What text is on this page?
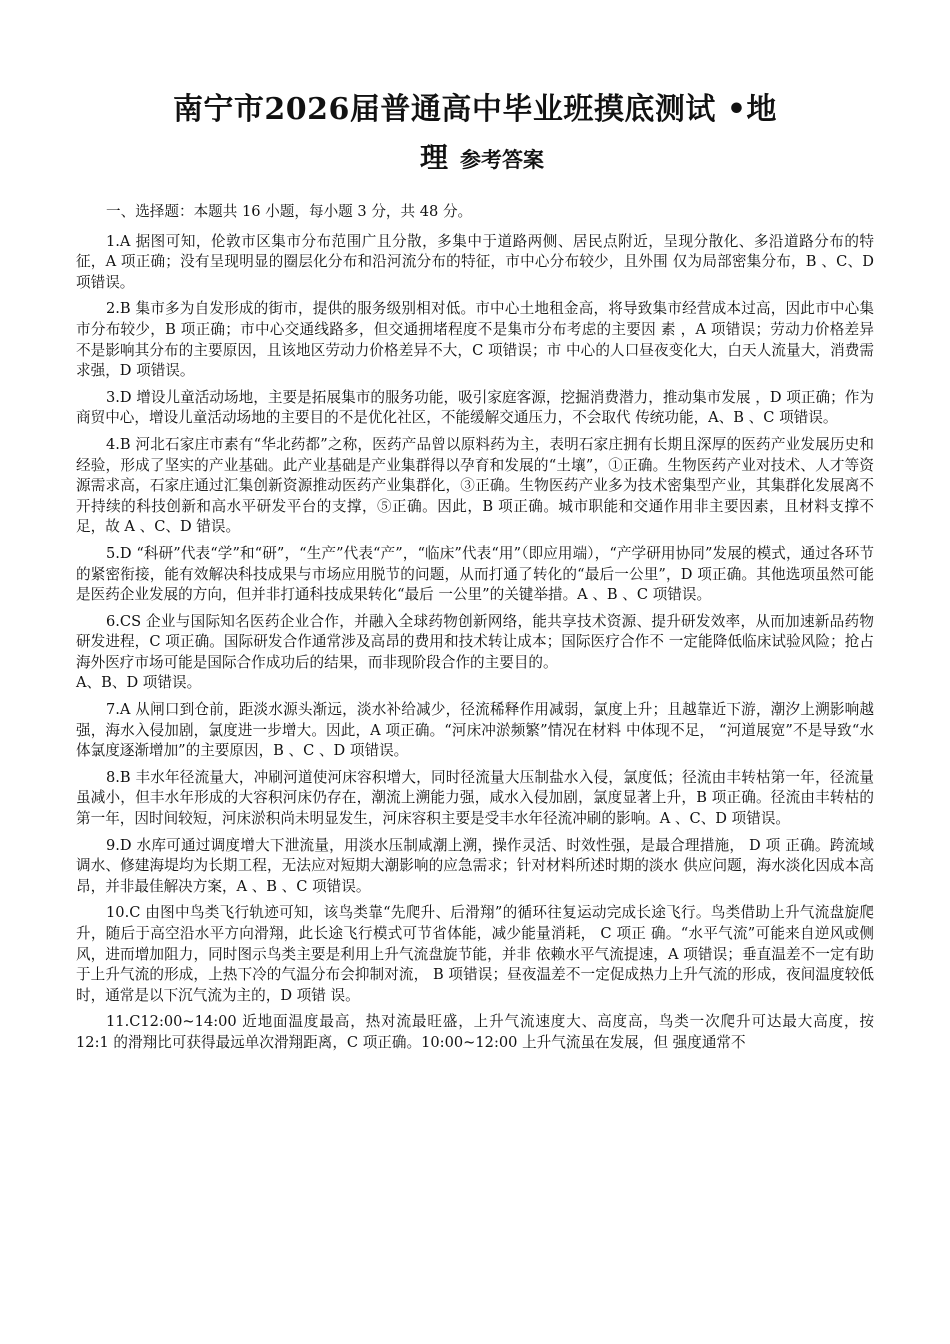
南宁市2026届普通高中毕业班摸底测试 •地
理 参考答案

一、选择题：本题共 16 小题，每小题 3 分，共 48 分。

1.A 据图可知，伦敦市区集市分布范围广且分散，多集中于道路两侧、居民点附近，呈现分散化、多沿道路分布的特征，A 项正确；没有呈现明显的圈层化分布和沿河流分布的特征，市中心分布较少，且外围 仅为局部密集分布，B 、C、D 项错误。

2.B 集市多为自发形成的街市，提供的服务级别相对低。市中心土地租金高，将导致集市经营成本过高，因此市中心集市分布较少，B 项正确；市中心交通线路多，但交通拥堵程度不是集市分布考虑的主要因 素 ，A 项错误；劳动力价格差异不是影响其分布的主要原因，且该地区劳动力价格差异不大，C 项错误；市 中心的人口昼夜变化大，白天人流量大，消费需求强，D 项错误。

3.D 增设儿童活动场地，主要是拓展集市的服务功能，吸引家庭客源，挖掘消费潜力，推动集市发展 ，D 项正确；作为商贸中心，增设儿童活动场地的主要目的不是优化社区，不能缓解交通压力，不会取代 传统功能，A、B 、C 项错误。

4.B 河北石家庄市素有“华北药都”之称，医药产品曾以原料药为主，表明石家庄拥有长期且深厚的医药产业发展历史和经验，形成了坚实的产业基础。此产业基础是产业集群得以孕育和发展的“土壤”，①正确。生物医药产业对技术、人才等资源需求高，石家庄通过汇集创新资源推动医药产业集群化，③正确。生物医药产业多为技术密集型产业，其集群化发展离不开持续的科技创新和高水平研发平台的支撑，⑤正确。因此，B 项正确。城市职能和交通作用非主要因素，且材料支撑不足，故 A 、C、D 错误。

5.D “科研”代表“学”和“研”，“生产”代表“产”，“临床”代表“用”（即应用端），“产学研用协同”发展的模式，通过各环节的紧密衔接，能有效解决科技成果与市场应用脱节的问题，从而打通了转化的“最后一公里”，D 项正确。其他选项虽然可能是医药企业发展的方向，但并非打通科技成果转化“最后 一公里”的关键举措。A 、B 、C 项错误。

6.CS 企业与国际知名医药企业合作，并融入全球药物创新网络，能共享技术资源、提升研发效率，从而加速新品药物研发进程，C 项正确。国际研发合作通常涉及高昂的费用和技术转让成本；国际医疗合作不 一定能降低临床试验风险；抢占海外医疗市场可能是国际合作成功后的结果，而非现阶段合作的主要目的。

A、B、D 项错误。

7.A 从闸口到仓前，距淡水源头渐远，淡水补给减少，径流稀释作用减弱，氯度上升；且越靠近下游，潮汐上溯影响越强，海水入侵加剧，氯度进一步增大。因此，A 项正确。“河床冲淤频繁”情况在材料 中体现不足， “河道展宽”不是导致“水体氯度逐渐增加”的主要原因，B 、C 、D 项错误。

8.B 丰水年径流量大，冲刷河道使河床容积增大，同时径流量大压制盐水入侵，氯度低；径流由丰转枯第一年，径流量虽减小，但丰水年形成的大容积河床仍存在，潮流上溯能力强，咸水入侵加剧，氯度显著上升，B 项正确。径流由丰转枯的第一年，因时间较短，河床淤积尚未明显发生，河床容积主要是受丰水年径流冲刷的影响。A 、C、D 项错误。

9.D 水库可通过调度增大下泄流量，用淡水压制咸潮上溯，操作灵活、时效性强，是最合理措施， D 项 正确。跨流域调水、修建海堤均为长期工程，无法应对短期大潮影响的应急需求；针对材料所述时期的淡水 供应问题，海水淡化因成本高昂，并非最佳解决方案，A 、B 、C 项错误。

10.C 由图中鸟类飞行轨迹可知，该鸟类靠“先爬升、后滑翔”的循环往复运动完成长途飞行。鸟类借助上升气流盘旋爬升，随后于高空沿水平方向滑翔，此长途飞行模式可节省体能，减少能量消耗， C 项正 确。“水平气流”可能来自逆风或侧风，进而增加阻力，同时图示鸟类主要是利用上升气流盘旋节能，并非 依赖水平气流提速，A 项错误；垂直温差不一定有助于上升气流的形成，上热下冷的气温分布会抑制对流， B 项错误；昼夜温差不一定促成热力上升气流的形成，夜间温度较低时，通常是以下沉气流为主的，D 项错 误。

11.C12:00~14:00 近地面温度最高，热对流最旺盛，上升气流速度大、高度高，鸟类一次爬升可达最大高度，按 12:1 的滑翔比可获得最远单次滑翔距离，C 项正确。10:00~12:00 上升气流虽在发展，但 强度通常不
